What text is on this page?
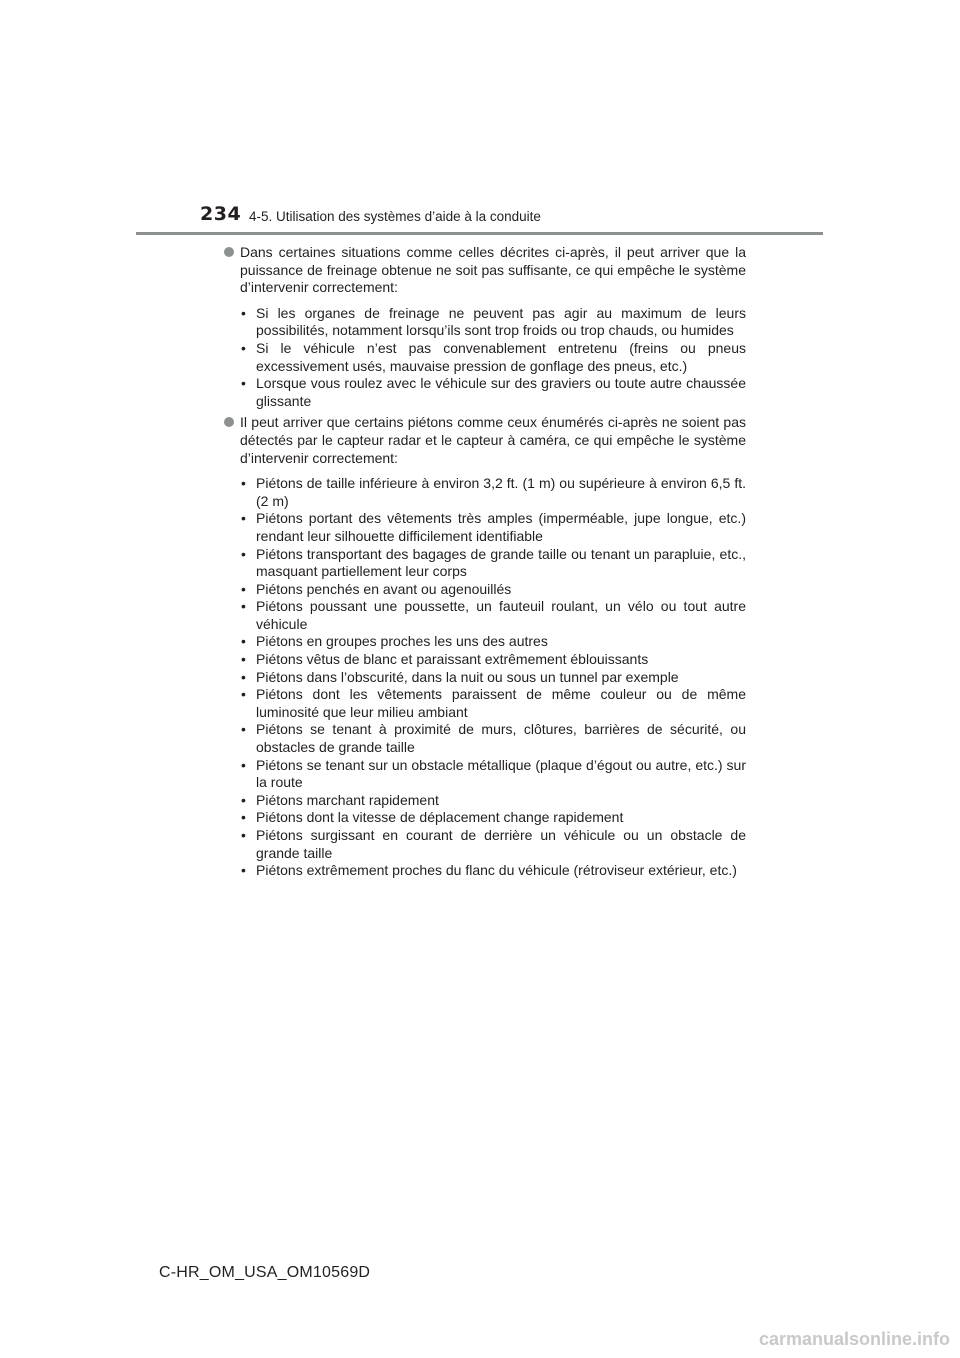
234 4-5. Utilisation des systèmes d’aide à la conduite
Dans certaines situations comme celles décrites ci-après, il peut arriver que la puissance de freinage obtenue ne soit pas suffisante, ce qui empêche le système d’intervenir correctement:
• Si les organes de freinage ne peuvent pas agir au maximum de leurs possibilités, notamment lorsqu’ils sont trop froids ou trop chauds, ou humides
• Si le véhicule n’est pas convenablement entretenu (freins ou pneus excessivement usés, mauvaise pression de gonflage des pneus, etc.)
• Lorsque vous roulez avec le véhicule sur des graviers ou toute autre chaussée glissante
Il peut arriver que certains piétons comme ceux énumérés ci-après ne soient pas détectés par le capteur radar et le capteur à caméra, ce qui empêche le système d’intervenir correctement:
• Piétons de taille inférieure à environ 3,2 ft. (1 m) ou supérieure à environ 6,5 ft. (2 m)
• Piétons portant des vêtements très amples (imperméable, jupe longue, etc.) rendant leur silhouette difficilement identifiable
• Piétons transportant des bagages de grande taille ou tenant un parapluie, etc., masquant partiellement leur corps
• Piétons penchés en avant ou agenouillés
• Piétons poussant une poussette, un fauteuil roulant, un vélo ou tout autre véhicule
• Piétons en groupes proches les uns des autres
• Piétons vêtus de blanc et paraissant extrêmement éblouissants
• Piétons dans l’obscurité, dans la nuit ou sous un tunnel par exemple
• Piétons dont les vêtements paraissent de même couleur ou de même luminosité que leur milieu ambiant
• Piétons se tenant à proximité de murs, clôtures, barrières de sécurité, ou obstacles de grande taille
• Piétons se tenant sur un obstacle métallique (plaque d’égout ou autre, etc.) sur la route
• Piétons marchant rapidement
• Piétons dont la vitesse de déplacement change rapidement
• Piétons surgissant en courant de derrière un véhicule ou un obstacle de grande taille
• Piétons extrêmement proches du flanc du véhicule (rétroviseur extérieur, etc.)
C-HR_OM_USA_OM10569D
carmanualsonline.info
